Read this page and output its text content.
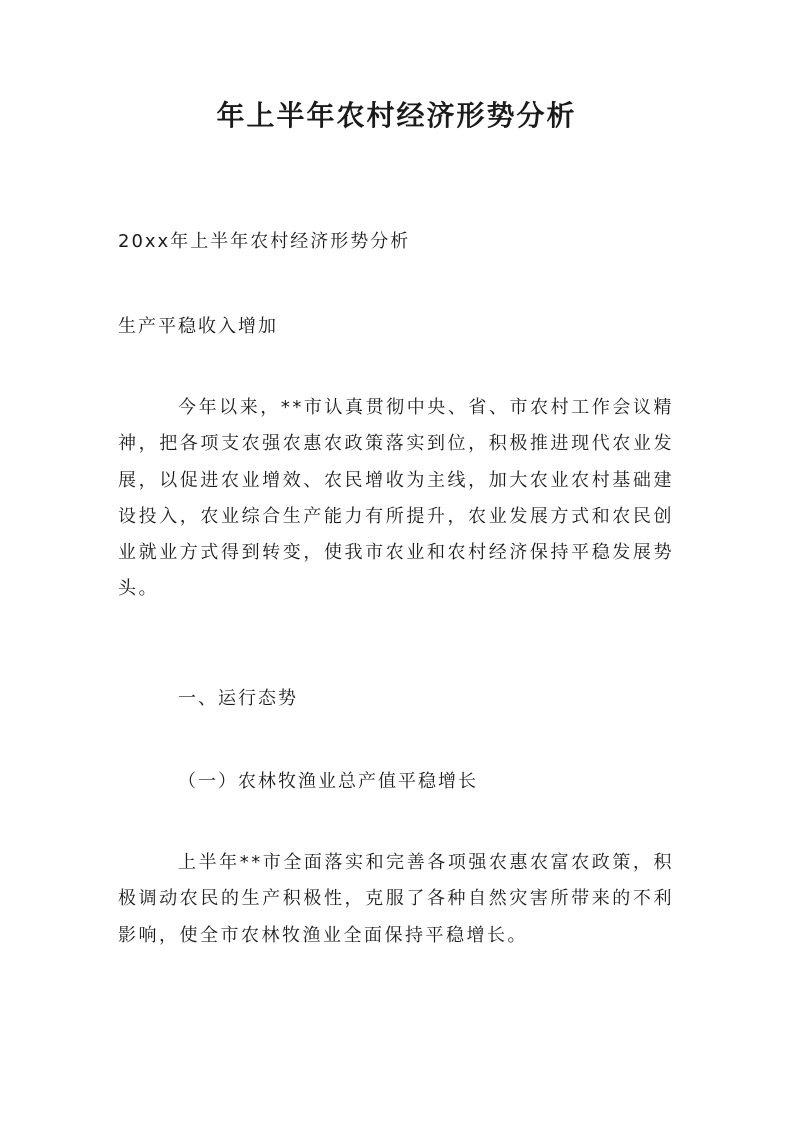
年上半年农村经济形势分析
20xx年上半年农村经济形势分析
生产平稳收入增加

今年以来，**市认真贯彻中央、省、市农村工作会议精神，把各项支农强农惠农政策落实到位，积极推进现代农业发展，以促进农业增效、农民增收为主线，加大农业农村基础建设投入，农业综合生产能力有所提升，农业发展方式和农民创业就业方式得到转变，使我市农业和农村经济保持平稳发展势头。

一、运行态势
（一）农林牧渔业总产值平稳增长

上半年**市全面落实和完善各项强农惠农富农政策，积极调动农民的生产积极性，克服了各种自然灾害所带来的不利影响，使全市农林牧渔业全面保持平稳增长。
